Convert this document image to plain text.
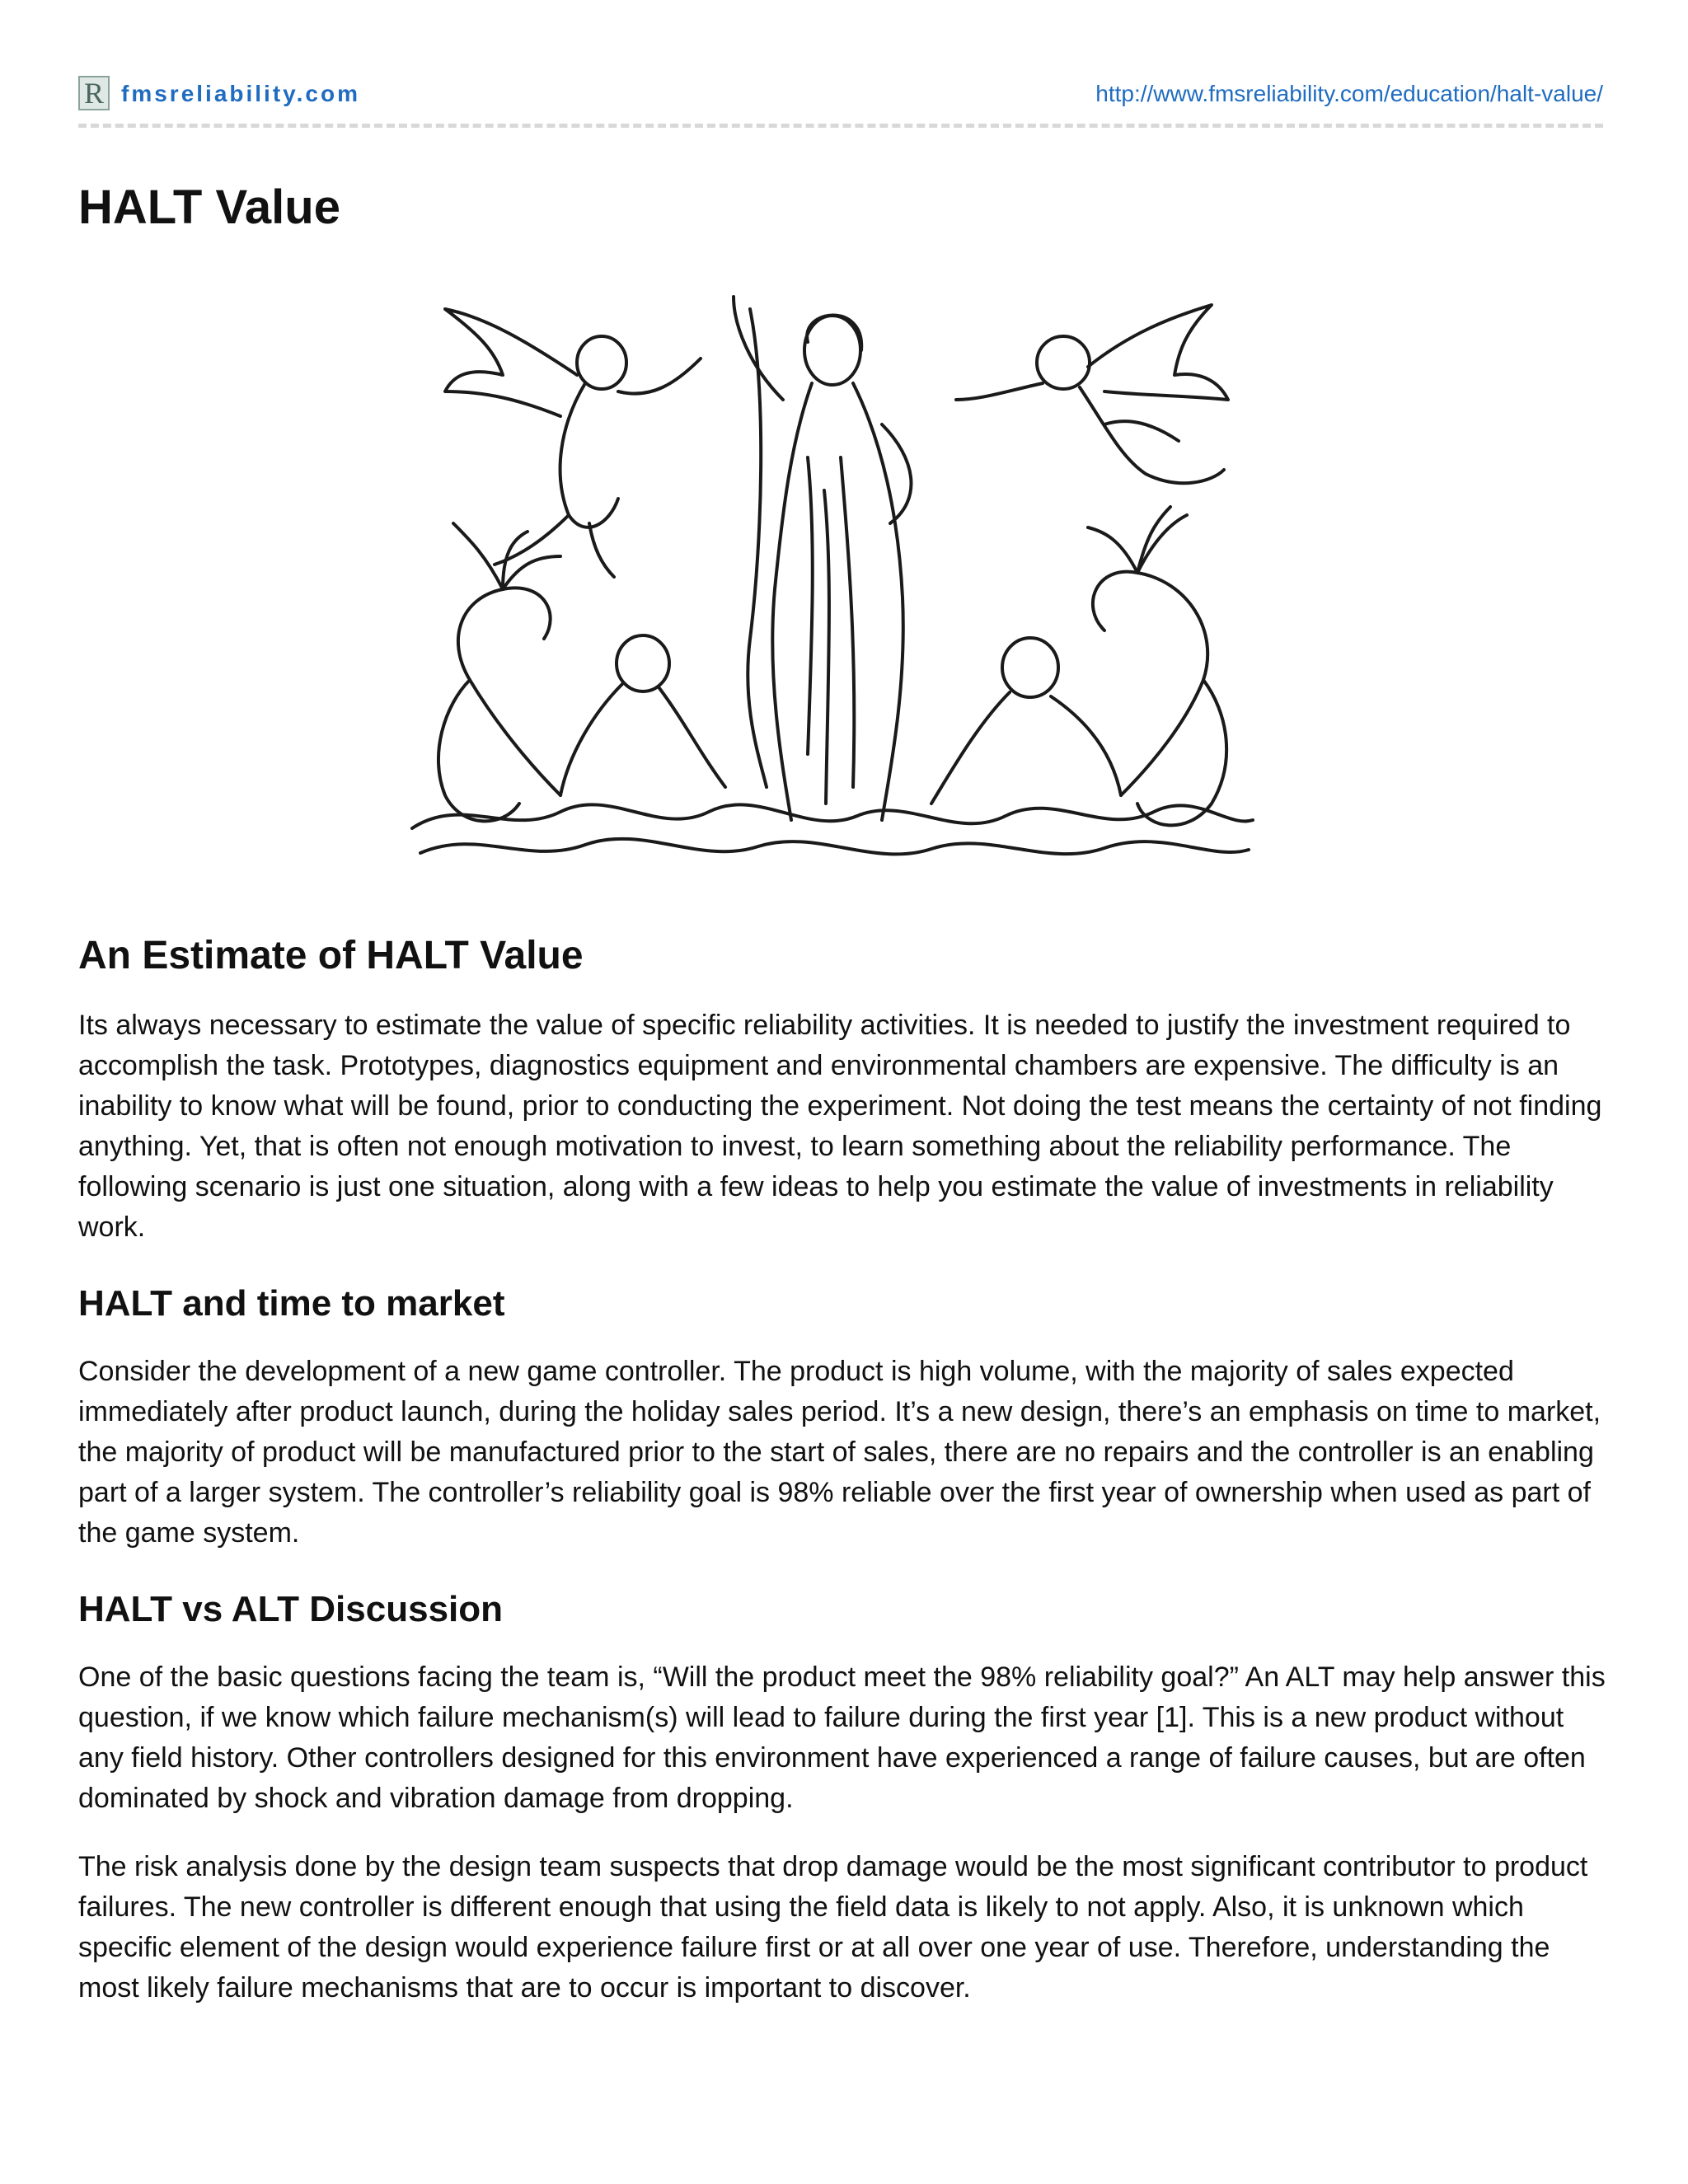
R fmsreliability.com	http://www.fmsreliability.com/education/halt-value/
HALT Value
An Estimate of HALT Value

Its always necessary to estimate the value of specific reliability activities. It is needed to justify the investment required to accomplish the task. Prototypes, diagnostics equipment and environmental chambers are expensive. The difficulty is an inability to know what will be found, prior to conducting the experiment. Not doing the test means the certainty of not finding anything. Yet, that is often not enough motivation to invest, to learn something about the reliability performance. The following scenario is just one situation, along with a few ideas to help you estimate the value of investments in reliability work.

HALT and time to market

Consider the development of a new game controller. The product is high volume, with the majority of sales expected immediately after product launch, during the holiday sales period. It’s a new design, there’s an emphasis on time to market, the majority of product will be manufactured prior to the start of sales, there are no repairs and the controller is an enabling part of a larger system. The controller’s reliability goal is 98% reliable over the first year of ownership when used as part of the game system.

HALT vs ALT Discussion

One of the basic questions facing the team is, “Will the product meet the 98% reliability goal?” An ALT may help answer this question, if we know which failure mechanism(s) will lead to failure during the first year [1]. This is a new product without any field history. Other controllers designed for this environment have experienced a range of failure causes, but are often dominated by shock and vibration damage from dropping.

The risk analysis done by the design team suspects that drop damage would be the most significant contributor to product failures. The new controller is different enough that using the field data is likely to not apply. Also, it is unknown which specific element of the design would experience failure first or at all over one year of use. Therefore, understanding the most likely failure mechanisms that are to occur is important to discover.
